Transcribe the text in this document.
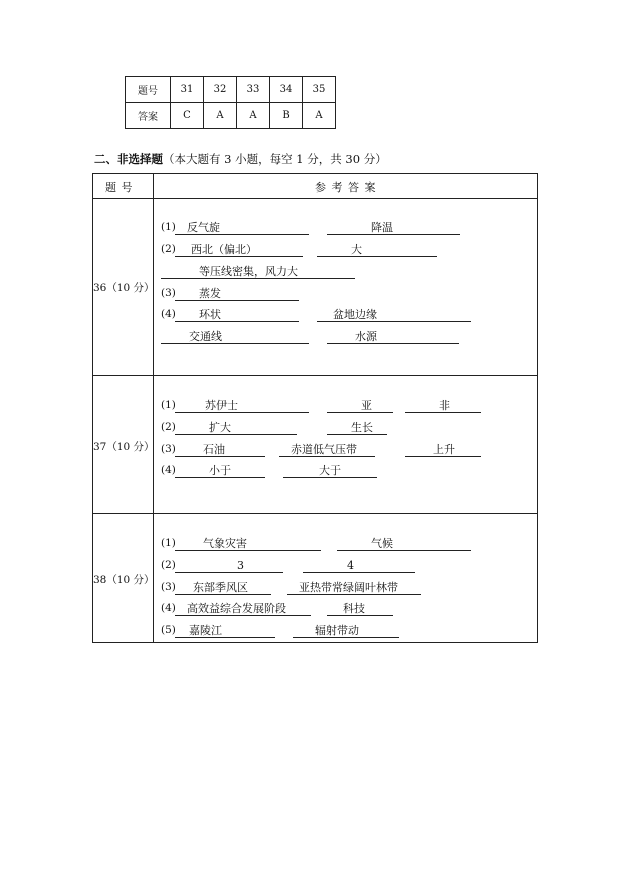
题号	31	32	33	34	35
答案	C	A	A	B	A
二、非选择题（本大题有 3 小题，每空 1 分，共 30 分）
题 号	参 考 答 案
36（10 分）
(1) 反气旋	降温
(2) 西北（偏北）	大
等压线密集，风力大
(3) 蒸发
(4) 环状	盆地边缘
交通线	水源
37（10 分）
(1)	苏伊士	亚	非
(2)	扩大	生长
(3) 石油	赤道低气压带	上升
(4)	小于	大于
38（10 分）
(1) 气象灾害	气候
(2)	3	4
(3) 东部季风区	亚热带常绿阔叶林带
(4) 高效益综合发展阶段	科技
(5) 嘉陵江	辐射带动
